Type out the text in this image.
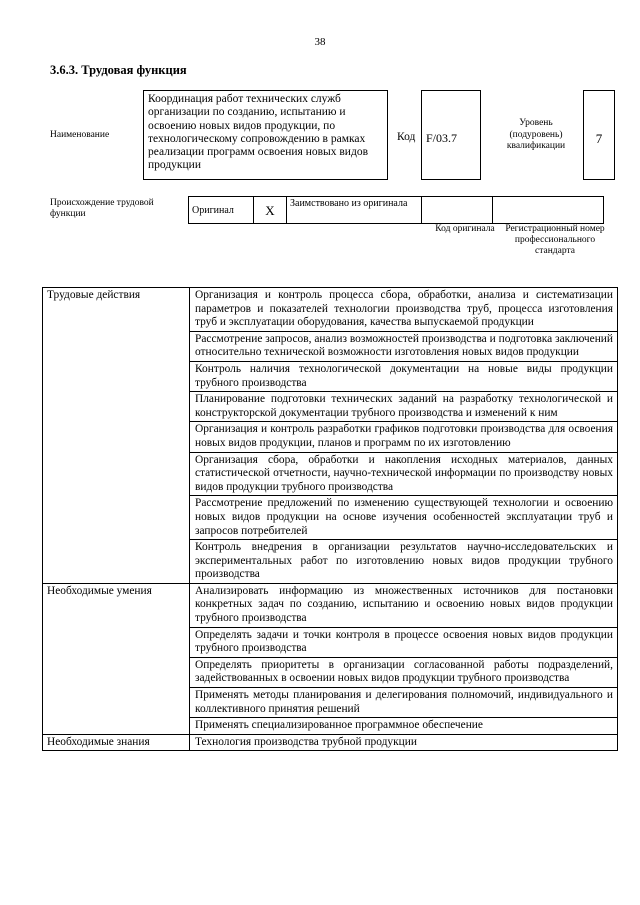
38
3.6.3. Трудовая функция
Наименование
Координация работ технических служб организации по созданию, испытанию и освоению новых видов продукции, по технологическому сопровождению в рамках реализации программ освоения новых видов продукции
Код F/03.7
Уровень (подуровень) квалификации	7
Происхождение трудовой функции	Оригинал	X	Заимствовано из оригинала		
Код оригинала	Регистрационный номер профессионального стандарта
Трудовые действия	Организация и контроль процесса сбора, обработки, анализа и систематизации параметров и показателей технологии производства труб, процесса изготовления труб и эксплуатации оборудования, качества выпускаемой продукции
	Рассмотрение запросов, анализ возможностей производства и подготовка заключений относительно технической возможности изготовления новых видов продукции
	Контроль наличия технологической документации на новые виды продукции трубного производства
	Планирование подготовки технических заданий на разработку технологической и конструкторской документации трубного производства и изменений к ним
	Организация и контроль разработки графиков подготовки производства для освоения новых видов продукции, планов и программ по их изготовлению
	Организация сбора, обработки и накопления исходных материалов, данных статистической отчетности, научно-технической информации по производству новых видов продукции трубного производства
	Рассмотрение предложений по изменению существующей технологии и освоению новых видов продукции на основе изучения особенностей эксплуатации труб и запросов потребителей
	Контроль внедрения в организации результатов научно-исследовательских и экспериментальных работ по изготовлению новых видов продукции трубного производства
Необходимые умения	Анализировать информацию из множественных источников для постановки конкретных задач по созданию, испытанию и освоению новых видов продукции трубного производства
	Определять задачи и точки контроля в процессе освоения новых видов продукции трубного производства
	Определять приоритеты в организации согласованной работы подразделений, задействованных в освоении новых видов продукции трубного производства
	Применять методы планирования и делегирования полномочий, индивидуального и коллективного принятия решений
	Применять специализированное программное обеспечение
Необходимые знания	Технология производства трубной продукции
